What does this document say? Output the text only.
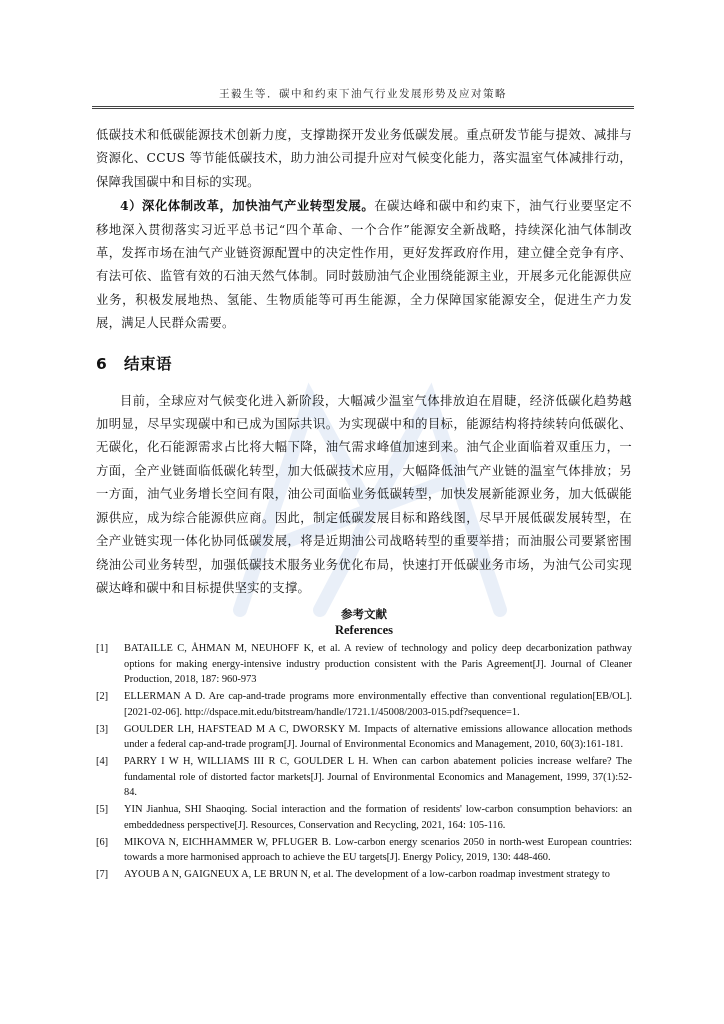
王毅生等．碳中和约束下油气行业发展形势及应对策略

低碳技术和低碳能源技术创新力度，支撑勘探开发业务低碳发展。重点研发节能与提效、减排与资源化、CCUS 等节能低碳技术，助力油公司提升应对气候变化能力，落实温室气体减排行动，保障我国碳中和目标的实现。

4）深化体制改革，加快油气产业转型发展。在碳达峰和碳中和约束下，油气行业要坚定不移地深入贯彻落实习近平总书记“四个革命、一个合作”能源安全新战略，持续深化油气体制改革，发挥市场在油气产业链资源配置中的决定性作用，更好发挥政府作用，建立健全竞争有序、有法可依、监管有效的石油天然气体制。同时鼓励油气企业围绕能源主业，开展多元化能源供应业务，积极发展地热、氢能、生物质能等可再生能源，全力保障国家能源安全，促进生产力发展，满足人民群众需要。

6 结束语

目前，全球应对气候变化进入新阶段，大幅减少温室气体排放迫在眉睫，经济低碳化趋势越加明显，尽早实现碳中和已成为国际共识。为实现碳中和的目标，能源结构将持续转向低碳化、无碳化，化石能源需求占比将大幅下降，油气需求峰值加速到来。油气企业面临着双重压力，一方面，全产业链面临低碳化转型，加大低碳技术应用，大幅降低油气产业链的温室气体排放；另一方面，油气业务增长空间有限，油公司面临业务低碳转型，加快发展新能源业务，加大低碳能源供应，成为综合能源供应商。因此，制定低碳发展目标和路线图，尽早开展低碳发展转型，在全产业链实现一体化协同低碳发展，将是近期油公司战略转型的重要举措；而油服公司要紧密围绕油公司业务转型，加强低碳技术服务业务优化布局，快速打开低碳业务市场，为油气公司实现碳达峰和碳中和目标提供坚实的支撑。

参考文献
References
[1]	BATAILLE C, ÅHMAN M, NEUHOFF K, et al. A review of technology and policy deep decarbonization pathway options for making energy-intensive industry production consistent with the Paris Agreement[J]. Journal of Cleaner Production, 2018, 187: 960-973
[2]	ELLERMAN A D. Are cap-and-trade programs more environmentally effective than conventional regulation[EB/OL]. [2021-02-06]. http://dspace.mit.edu/bitstream/handle/1721.1/45008/2003-015.pdf?sequence=1.
[3]	GOULDER LH, HAFSTEAD M A C, DWORSKY M. Impacts of alternative emissions allowance allocation methods under a federal cap-and-trade program[J]. Journal of Environmental Economics and Management, 2010, 60(3):161-181.
[4]	PARRY I W H, WILLIAMS III R C, GOULDER L H. When can carbon abatement policies increase welfare? The fundamental role of distorted factor markets[J]. Journal of Environmental Economics and Management, 1999, 37(1):52-84.
[5]	YIN Jianhua, SHI Shaoqing. Social interaction and the formation of residents' low-carbon consumption behaviors: an embeddedness perspective[J]. Resources, Conservation and Recycling, 2021, 164: 105-116.
[6]	MIKOVA N, EICHHAMMER W, PFLUGER B. Low-carbon energy scenarios 2050 in north-west European countries: towards a more harmonised approach to achieve the EU targets[J]. Energy Policy, 2019, 130: 448-460.
[7]	AYOUB A N, GAIGNEUX A, LE BRUN N, et al. The development of a low-carbon roadmap investment strategy to
